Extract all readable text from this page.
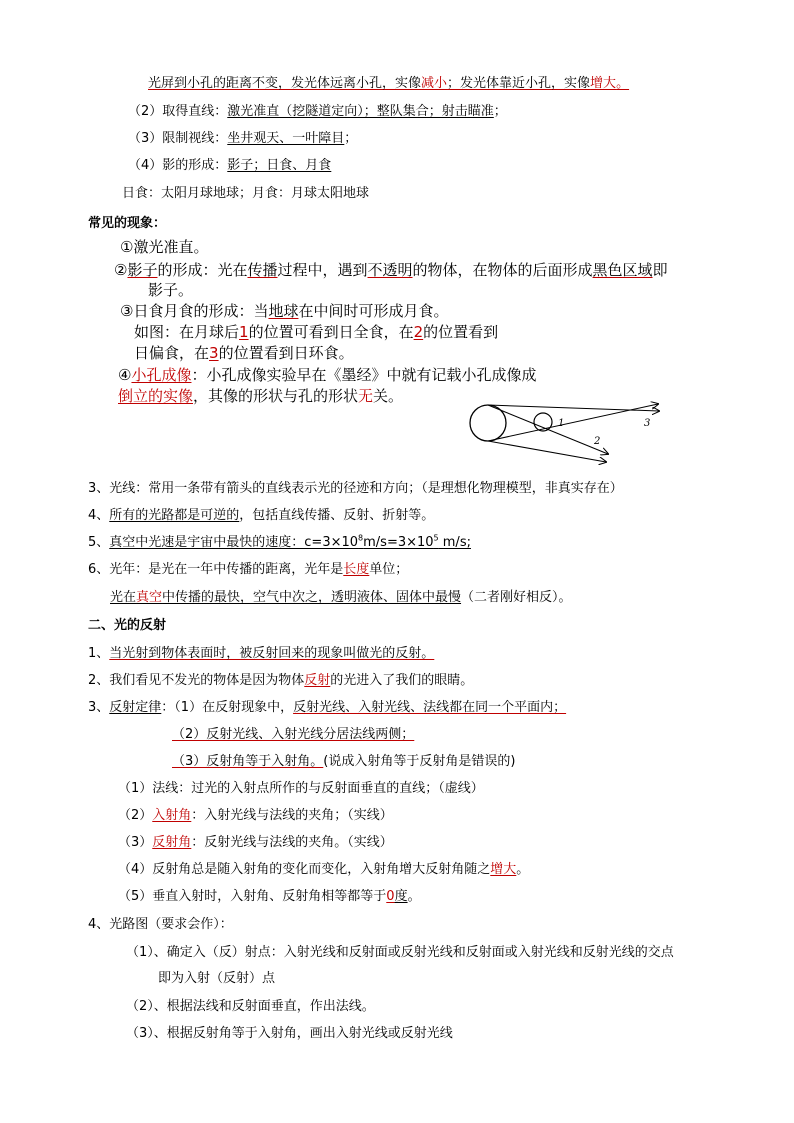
光屏到小孔的距离不变，发光体远离小孔，实像减小；发光体靠近小孔，实像增大。
（2）取得直线：激光准直（挖隧道定向）；整队集合；射击瞄准；
（3）限制视线：坐井观天、一叶障目；
（4）影的形成：影子；日食、月食
日食：太阳月球地球；月食：月球太阳地球
常见的现象：
①激光准直。
②影子的形成：光在传播过程中，遇到不透明的物体，在物体的后面形成黑色区域即
影子。
③日食月食的形成：当地球在中间时可形成月食。
如图：在月球后1的位置可看到日全食，在2的位置看到
日偏食，在3的位置看到日环食。
④小孔成像：小孔成像实验早在《墨经》中就有记载小孔成像成
倒立的实像，其像的形状与孔的形状无关。
1
2
3
3、光线：常用一条带有箭头的直线表示光的径迹和方向；（是理想化物理模型，非真实存在）
4、所有的光路都是可逆的，包括直线传播、反射、折射等。
5、真空中光速是宇宙中最快的速度：$c=3\times 10^8m/s=3\times 10^5$ m/s;
6、光年：是光在一年中传播的距离，光年是长度单位；
光在真空中传播的最快，空气中次之，透明液体、固体中最慢（二者刚好相反）。
二、光的反射
1、当光射到物体表面时，被反射回来的现象叫做光的反射。
2、我们看见不发光的物体是因为物体反射的光进入了我们的眼睛。
3、反射定律：（1）在反射现象中，反射光线、入射光线、法线都在同一个平面内；
（2）反射光线、入射光线分居法线两侧；
（3）反射角等于入射角。(说成入射角等于反射角是错误的)
（1）法线：过光的入射点所作的与反射面垂直的直线；（虚线）
（2）入射角：入射光线与法线的夹角；（实线）
（3）反射角：反射光线与法线的夹角。（实线）
（4）反射角总是随入射角的变化而变化，入射角增大反射角随之增大。
（5）垂直入射时，入射角、反射角相等都等于0度。
4、光路图（要求会作）：
（1）、确定入（反）射点：入射光线和反射面或反射光线和反射面或入射光线和反射光线的交点
即为入射（反射）点
（2）、根据法线和反射面垂直，作出法线。
（3）、根据反射角等于入射角，画出入射光线或反射光线
